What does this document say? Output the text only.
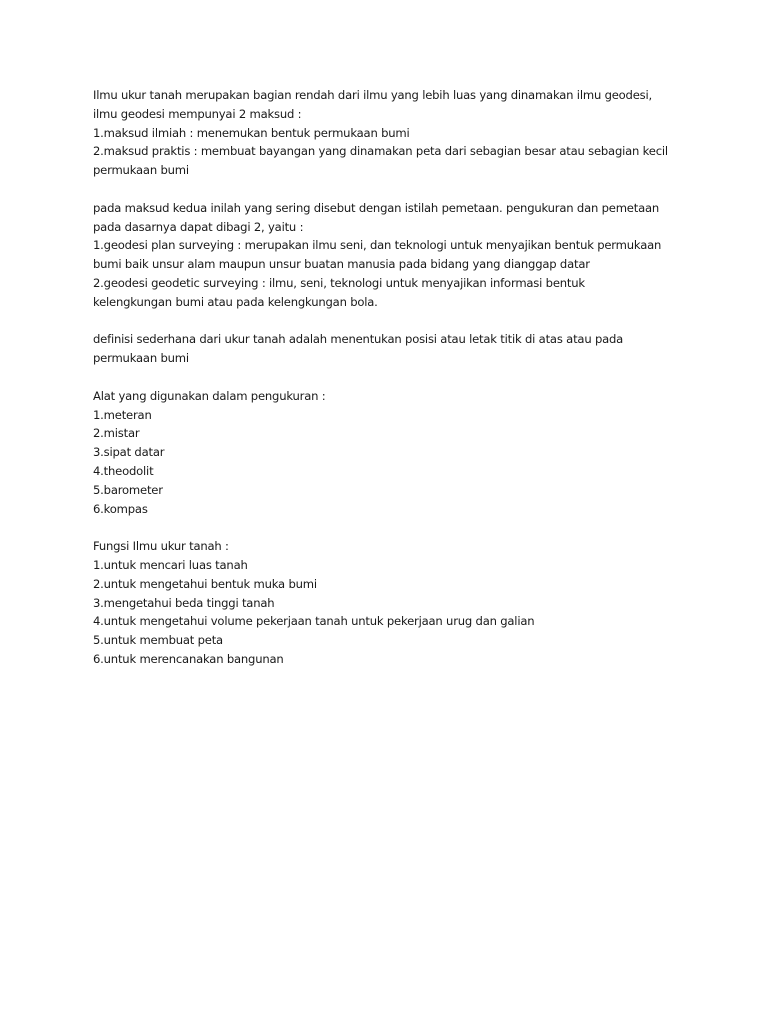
Ilmu ukur tanah merupakan bagian rendah dari ilmu yang lebih luas yang dinamakan ilmu geodesi,
ilmu geodesi mempunyai 2 maksud :
1.maksud ilmiah : menemukan bentuk permukaan bumi
2.maksud praktis : membuat bayangan yang dinamakan peta dari sebagian besar atau sebagian kecil
permukaan bumi
pada maksud kedua inilah yang sering disebut dengan istilah pemetaan. pengukuran dan pemetaan
pada dasarnya dapat dibagi 2, yaitu :
1.geodesi plan surveying : merupakan ilmu seni, dan teknologi untuk menyajikan bentuk permukaan
bumi baik unsur alam maupun unsur buatan manusia pada bidang yang dianggap datar
2.geodesi geodetic surveying : ilmu, seni, teknologi untuk menyajikan informasi bentuk
kelengkungan bumi atau pada kelengkungan bola.
definisi sederhana dari ukur tanah adalah menentukan posisi atau letak titik di atas atau pada
permukaan bumi
Alat yang digunakan dalam pengukuran :
1.meteran
2.mistar
3.sipat datar
4.theodolit
5.barometer
6.kompas
Fungsi Ilmu ukur tanah :
1.untuk mencari luas tanah
2.untuk mengetahui bentuk muka bumi
3.mengetahui beda tinggi tanah
4.untuk mengetahui volume pekerjaan tanah untuk pekerjaan urug dan galian
5.untuk membuat peta
6.untuk merencanakan bangunan
